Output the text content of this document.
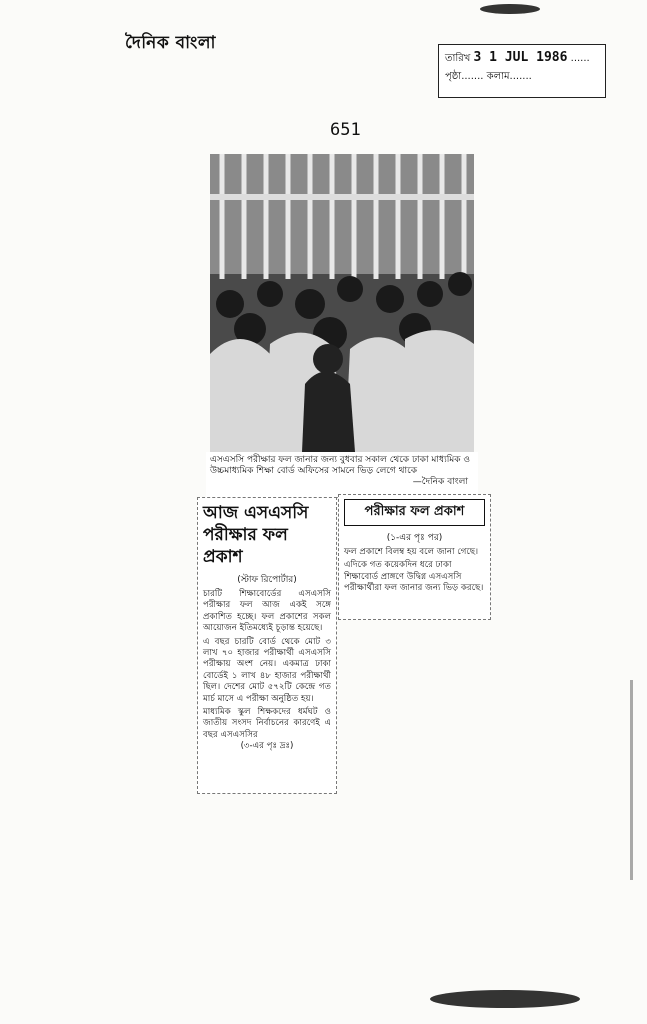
দৈনিক বাংলা
তারিখ 3 1 JUL 1986 ......
পৃষ্ঠা....... কলাম.......
651
এসএসসি পরীক্ষার ফল জানার জন্য বুধবার সকাল থেকে ঢাকা মাধ্যমিক ও উচ্চমাধ্যমিক শিক্ষা বোর্ড অফিসের সামনে ভিড় লেগে থাকে
—দৈনিক বাংলা
আজ এসএসসি পরীক্ষার ফল প্রকাশ
(স্টাফ রিপোর্টার)
চারটি শিক্ষাবোর্ডের এসএসসি পরীক্ষার ফল আজ একই সঙ্গে প্রকাশিত হচ্ছে। ফল প্রকাশের সকল আয়োজন ইতিমধ্যেই চূড়ান্ত হয়েছে।
এ বছর চারটি বোর্ড থেকে মোট ৩ লাখ ৭০ হাজার পরীক্ষার্থী এসএসসি পরীক্ষায় অংশ নেয়। একমাত্র ঢাকা বোর্ডেই ১ লাখ ৪৮ হাজার পরীক্ষার্থী ছিল। দেশের মোট ৫৭২টি কেন্দ্রে গত মার্চ মাসে এ পরীক্ষা অনুষ্ঠিত হয়।
মাধ্যমিক স্কুল শিক্ষকদের ধর্মঘট ও জাতীয় সংসদ নির্বাচনের কারণেই এ বছর এসএসসির
(৩-এর পৃঃ দ্রঃ)
পরীক্ষার ফল প্রকাশ
(১-এর পৃঃ পর)
ফল প্রকাশে বিলম্ব হয় বলে জানা গেছে।
এদিকে গত কয়েকদিন ধরে ঢাকা শিক্ষাবোর্ড প্রাঙ্গণে উদ্বিগ্ন এসএসসি পরীক্ষার্থীরা ফল জানার জন্য ভিড় করছে।
